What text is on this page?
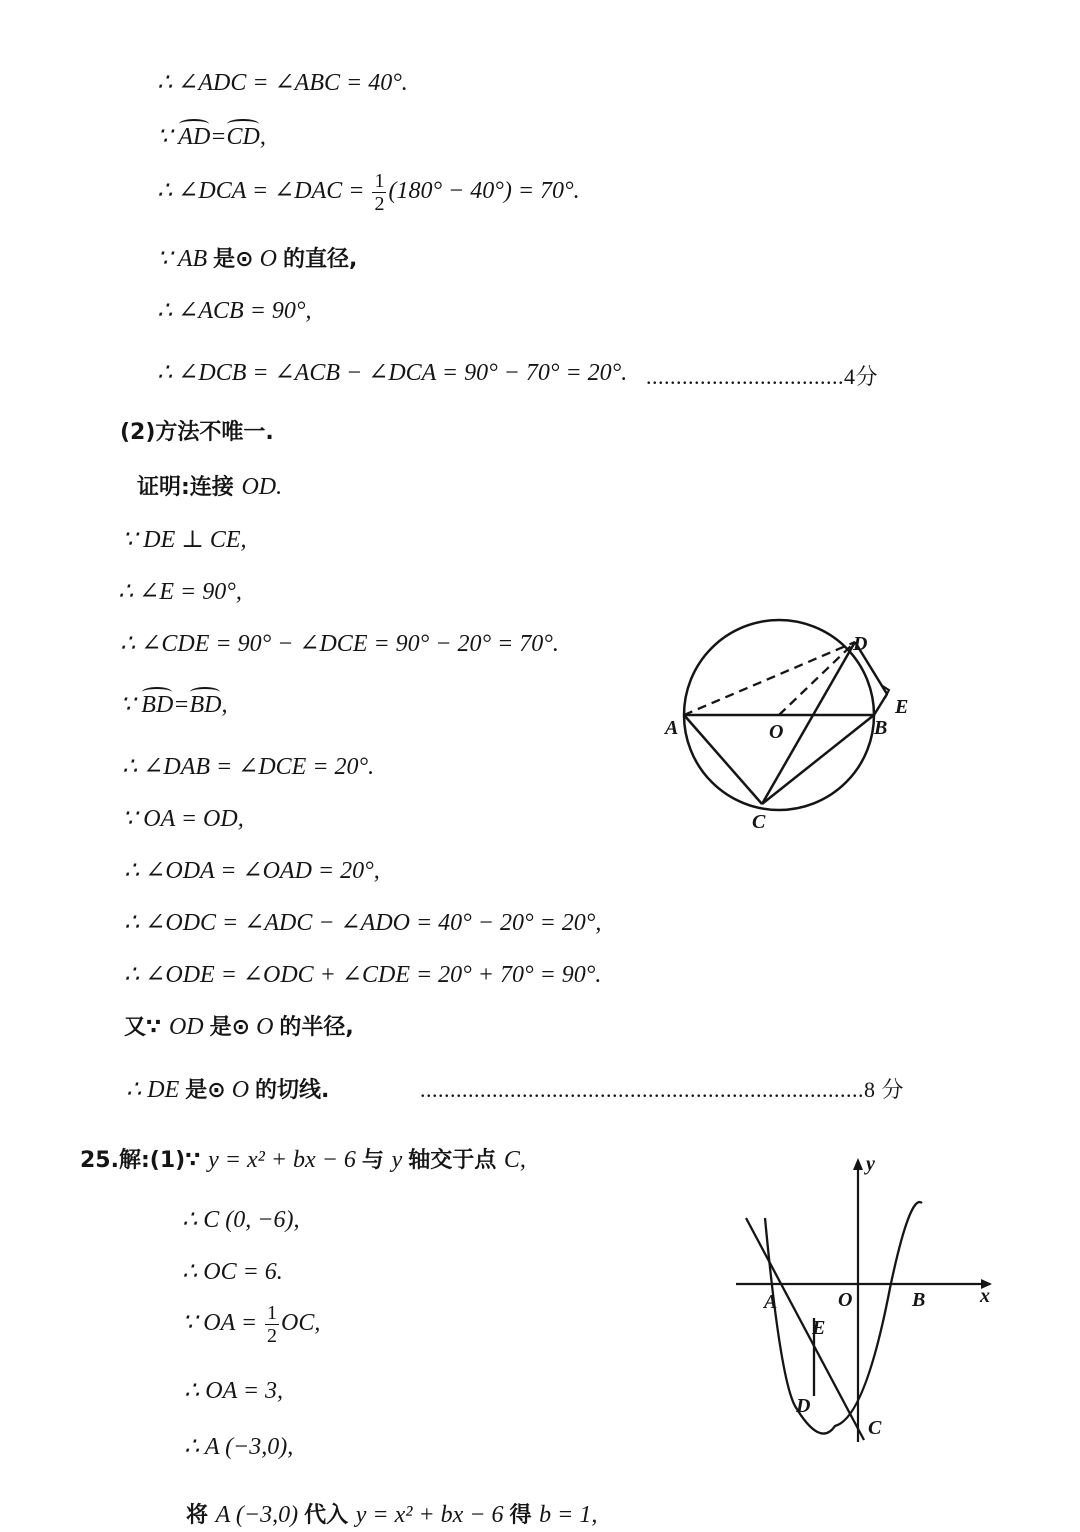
∴ ∠ADC = ∠ABC = 40°.
∵ AD=CD,
∴ ∠DCA = ∠DAC = $\frac{1}{2} (180^\circ - 40^\circ) = 70^\circ$.
∵ AB 是⊙ O 的直径,
∴ ∠ACB = 90°,
∴ ∠DCB = ∠ACB − ∠DCA = 90° − 70° = 20°. .................................4分
(2)方法不唯一.
证明:连接 OD.
∵ DE ⊥ CE,
∴ ∠E = 90°,
∴ ∠CDE = 90° − ∠DCE = 90° − 20° = 70°.
∵ BD=BD,
∴ ∠DAB = ∠DCE = 20°.
∵ OA = OD,
∴ ∠ODA = ∠OAD = 20°,
∴ ∠ODC = ∠ADC − ∠ADO = 40° − 20° = 20°,
∴ ∠ODE = ∠ODC + ∠CDE = 20° + 70° = 90°.
又∵ OD 是⊙ O 的半径,
∴ DE 是⊙ O 的切线.	..........................................................................8 分
D
E
A	O	B
C
25.解:(1)∵ y = x² + bx − 6 与 y 轴交于点 C,
∴ C (0, −6),
∴ OC = 6.
∵ OA = $\frac{1}{2}$ OC,
∴ OA = 3,
∴ A (−3,0),
将 A (−3,0) 代入 y = x² + bx − 6 得 b = 1,
y
x
A	O	B
E
D
C
